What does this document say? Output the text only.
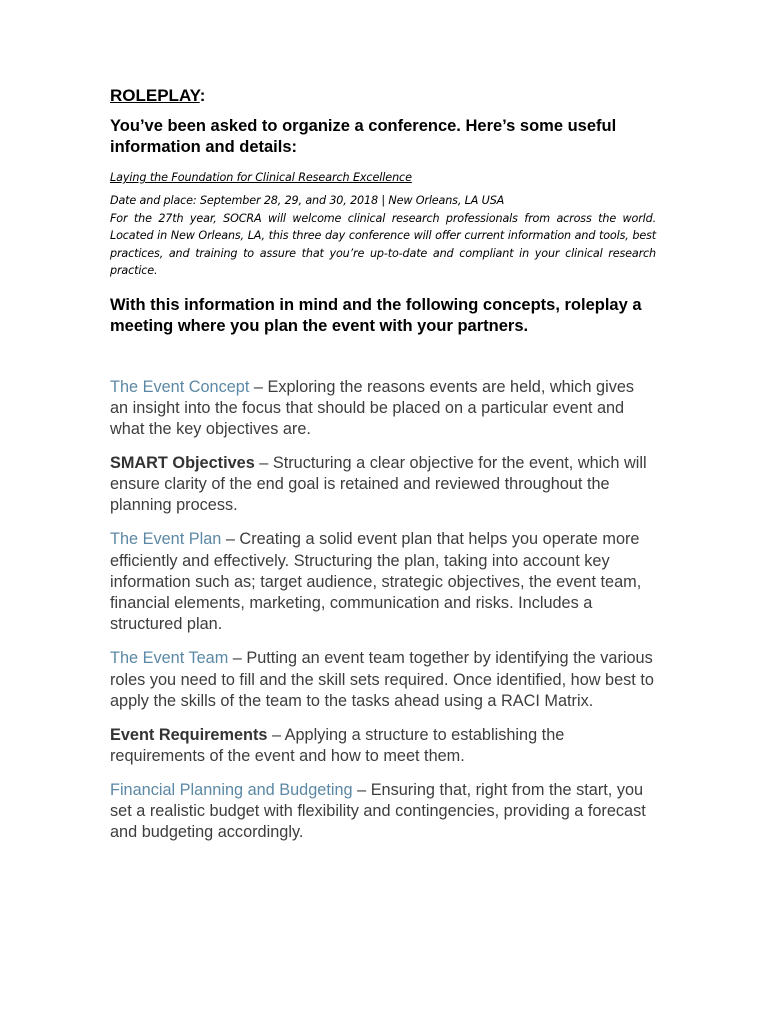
ROLEPLAY:

You’ve been asked to organize a conference. Here’s some useful information and details:

Laying the Foundation for Clinical Research Excellence

Date and place: September 28, 29, and 30, 2018 | New Orleans, LA USA

For the 27th year, SOCRA will welcome clinical research professionals from across the world. Located in New Orleans, LA, this three day conference will offer current information and tools, best practices, and training to assure that you’re up-to-date and compliant in your clinical research practice.

With this information in mind and the following concepts, roleplay a meeting where you plan the event with your partners.

The Event Concept – Exploring the reasons events are held, which gives an insight into the focus that should be placed on a particular event and what the key objectives are.

SMART Objectives – Structuring a clear objective for the event, which will ensure clarity of the end goal is retained and reviewed throughout the planning process.

The Event Plan – Creating a solid event plan that helps you operate more efficiently and effectively. Structuring the plan, taking into account key information such as; target audience, strategic objectives, the event team, financial elements, marketing, communication and risks. Includes a structured plan.

The Event Team – Putting an event team together by identifying the various roles you need to fill and the skill sets required. Once identified, how best to apply the skills of the team to the tasks ahead using a RACI Matrix.

Event Requirements – Applying a structure to establishing the requirements of the event and how to meet them.

Financial Planning and Budgeting – Ensuring that, right from the start, you set a realistic budget with flexibility and contingencies, providing a forecast and budgeting accordingly.
